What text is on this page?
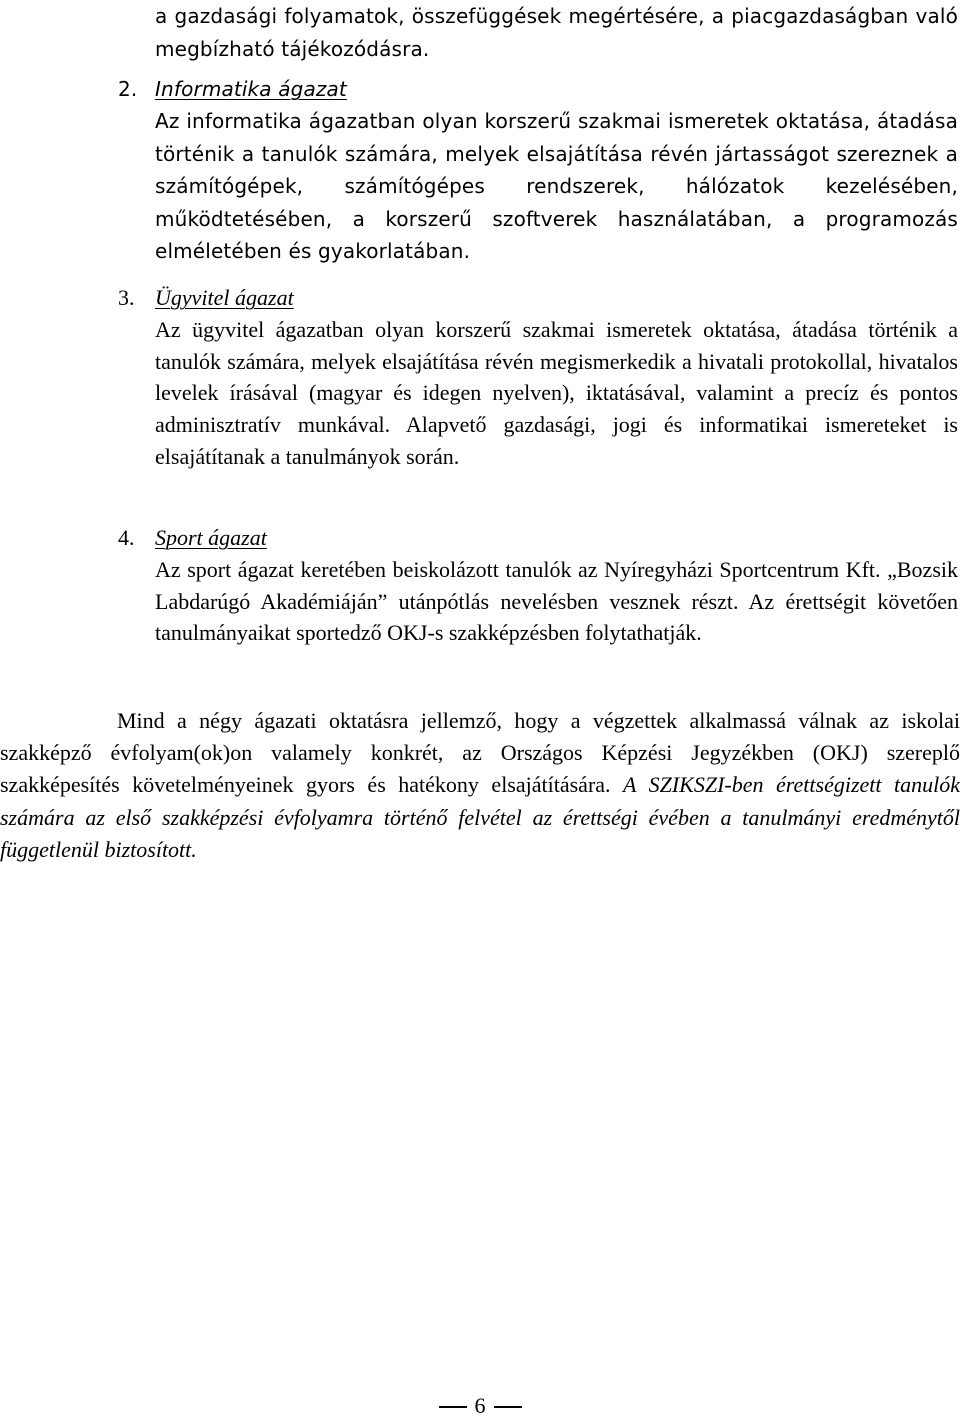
a gazdasági folyamatok, összefüggések megértésére, a piacgazdaságban való megbízható tájékozódásra.
2. Informatika ágazat
Az informatika ágazatban olyan korszerű szakmai ismeretek oktatása, átadása történik a tanulók számára, melyek elsajátítása révén jártasságot szereznek a számítógépek, számítógépes rendszerek, hálózatok kezelésében, működtetésében, a korszerű szoftverek használatában, a programozás elméletében és gyakorlatában.
3. Ügyvitel ágazat
Az ügyvitel ágazatban olyan korszerű szakmai ismeretek oktatása, átadása történik a tanulók számára, melyek elsajátítása révén megismerkedik a hivatali protokollal, hivatalos levelek írásával (magyar és idegen nyelven), iktatásával, valamint a precíz és pontos adminisztratív munkával. Alapvető gazdasági, jogi és informatikai ismereteket is elsajátítanak a tanulmányok során.
4. Sport ágazat
Az sport ágazat keretében beiskolázott tanulók az Nyíregyházi Sportcentrum Kft. „Bozsik Labdarúgó Akadémiáján” utánpótlás nevelésben vesznek részt. Az érettségit követően tanulmányaikat sportedző OKJ-s szakképzésben folytathatják.
Mind a négy ágazati oktatásra jellemző, hogy a végzettek alkalmassá válnak az iskolai szakképző évfolyam(ok)on valamely konkrét, az Országos Képzési Jegyzékben (OKJ) szereplő szakképesítés követelményeinek gyors és hatékony elsajátítására. A SZIKSZI-ben érettségizett tanulók számára az első szakképzési évfolyamra történő felvétel az érettségi évében a tanulmányi eredménytől függetlenül biztosított.
6
